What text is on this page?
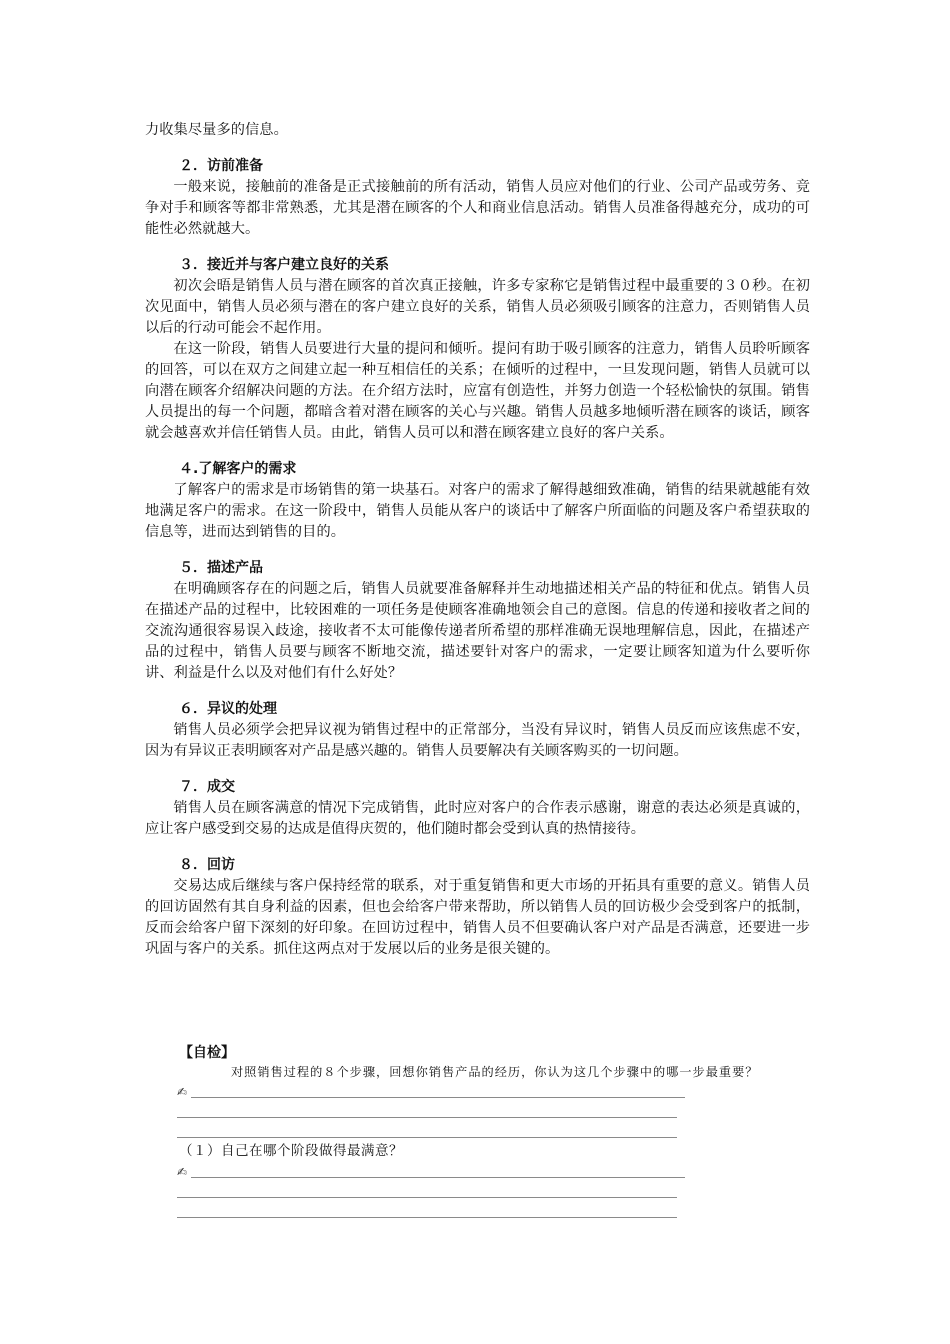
力收集尽量多的信息。

２．访前准备

一般来说，接触前的准备是正式接触前的所有活动，销售人员应对他们的行业、公司产品或劳务、竞争对手和顾客等都非常熟悉，尤其是潜在顾客的个人和商业信息活动。销售人员准备得越充分，成功的可能性必然就越大。

３．接近并与客户建立良好的关系

初次会晤是销售人员与潜在顾客的首次真正接触，许多专家称它是销售过程中最重要的３０秒。在初次见面中，销售人员必须与潜在的客户建立良好的关系，销售人员必须吸引顾客的注意力，否则销售人员以后的行动可能会不起作用。

在这一阶段，销售人员要进行大量的提问和倾听。提问有助于吸引顾客的注意力，销售人员聆听顾客的回答，可以在双方之间建立起一种互相信任的关系；在倾听的过程中，一旦发现问题，销售人员就可以向潜在顾客介绍解决问题的方法。在介绍方法时，应富有创造性，并努力创造一个轻松愉快的氛围。销售人员提出的每一个问题，都暗含着对潜在顾客的关心与兴趣。销售人员越多地倾听潜在顾客的谈话，顾客就会越喜欢并信任销售人员。由此，销售人员可以和潜在顾客建立良好的客户关系。

４.了解客户的需求

了解客户的需求是市场销售的第一块基石。对客户的需求了解得越细致准确，销售的结果就越能有效地满足客户的需求。在这一阶段中，销售人员能从客户的谈话中了解客户所面临的问题及客户希望获取的信息等，进而达到销售的目的。

５．描述产品

在明确顾客存在的问题之后，销售人员就要准备解释并生动地描述相关产品的特征和优点。销售人员在描述产品的过程中，比较困难的一项任务是使顾客准确地领会自己的意图。信息的传递和接收者之间的交流沟通很容易误入歧途，接收者不太可能像传递者所希望的那样准确无误地理解信息，因此，在描述产品的过程中，销售人员要与顾客不断地交流，描述要针对客户的需求，一定要让顾客知道为什么要听你讲、利益是什么以及对他们有什么好处？

６．异议的处理

销售人员必须学会把异议视为销售过程中的正常部分，当没有异议时，销售人员反而应该焦虑不安，因为有异议正表明顾客对产品是感兴趣的。销售人员要解决有关顾客购买的一切问题。

７．成交

销售人员在顾客满意的情况下完成销售，此时应对客户的合作表示感谢，谢意的表达必须是真诚的，应让客户感受到交易的达成是值得庆贺的，他们随时都会受到认真的热情接待。

８．回访

交易达成后继续与客户保持经常的联系，对于重复销售和更大市场的开拓具有重要的意义。销售人员的回访固然有其自身利益的因素，但也会给客户带来帮助，所以销售人员的回访极少会受到客户的抵制，反而会给客户留下深刻的好印象。在回访过程中，销售人员不但要确认客户对产品是否满意，还要进一步巩固与客户的关系。抓住这两点对于发展以后的业务是很关键的。

【自检】

对照销售过程的８个步骤，回想你销售产品的经历，你认为这几个步骤中的哪一步最重要？

✍

（１）自己在哪个阶段做得最满意？

✍
